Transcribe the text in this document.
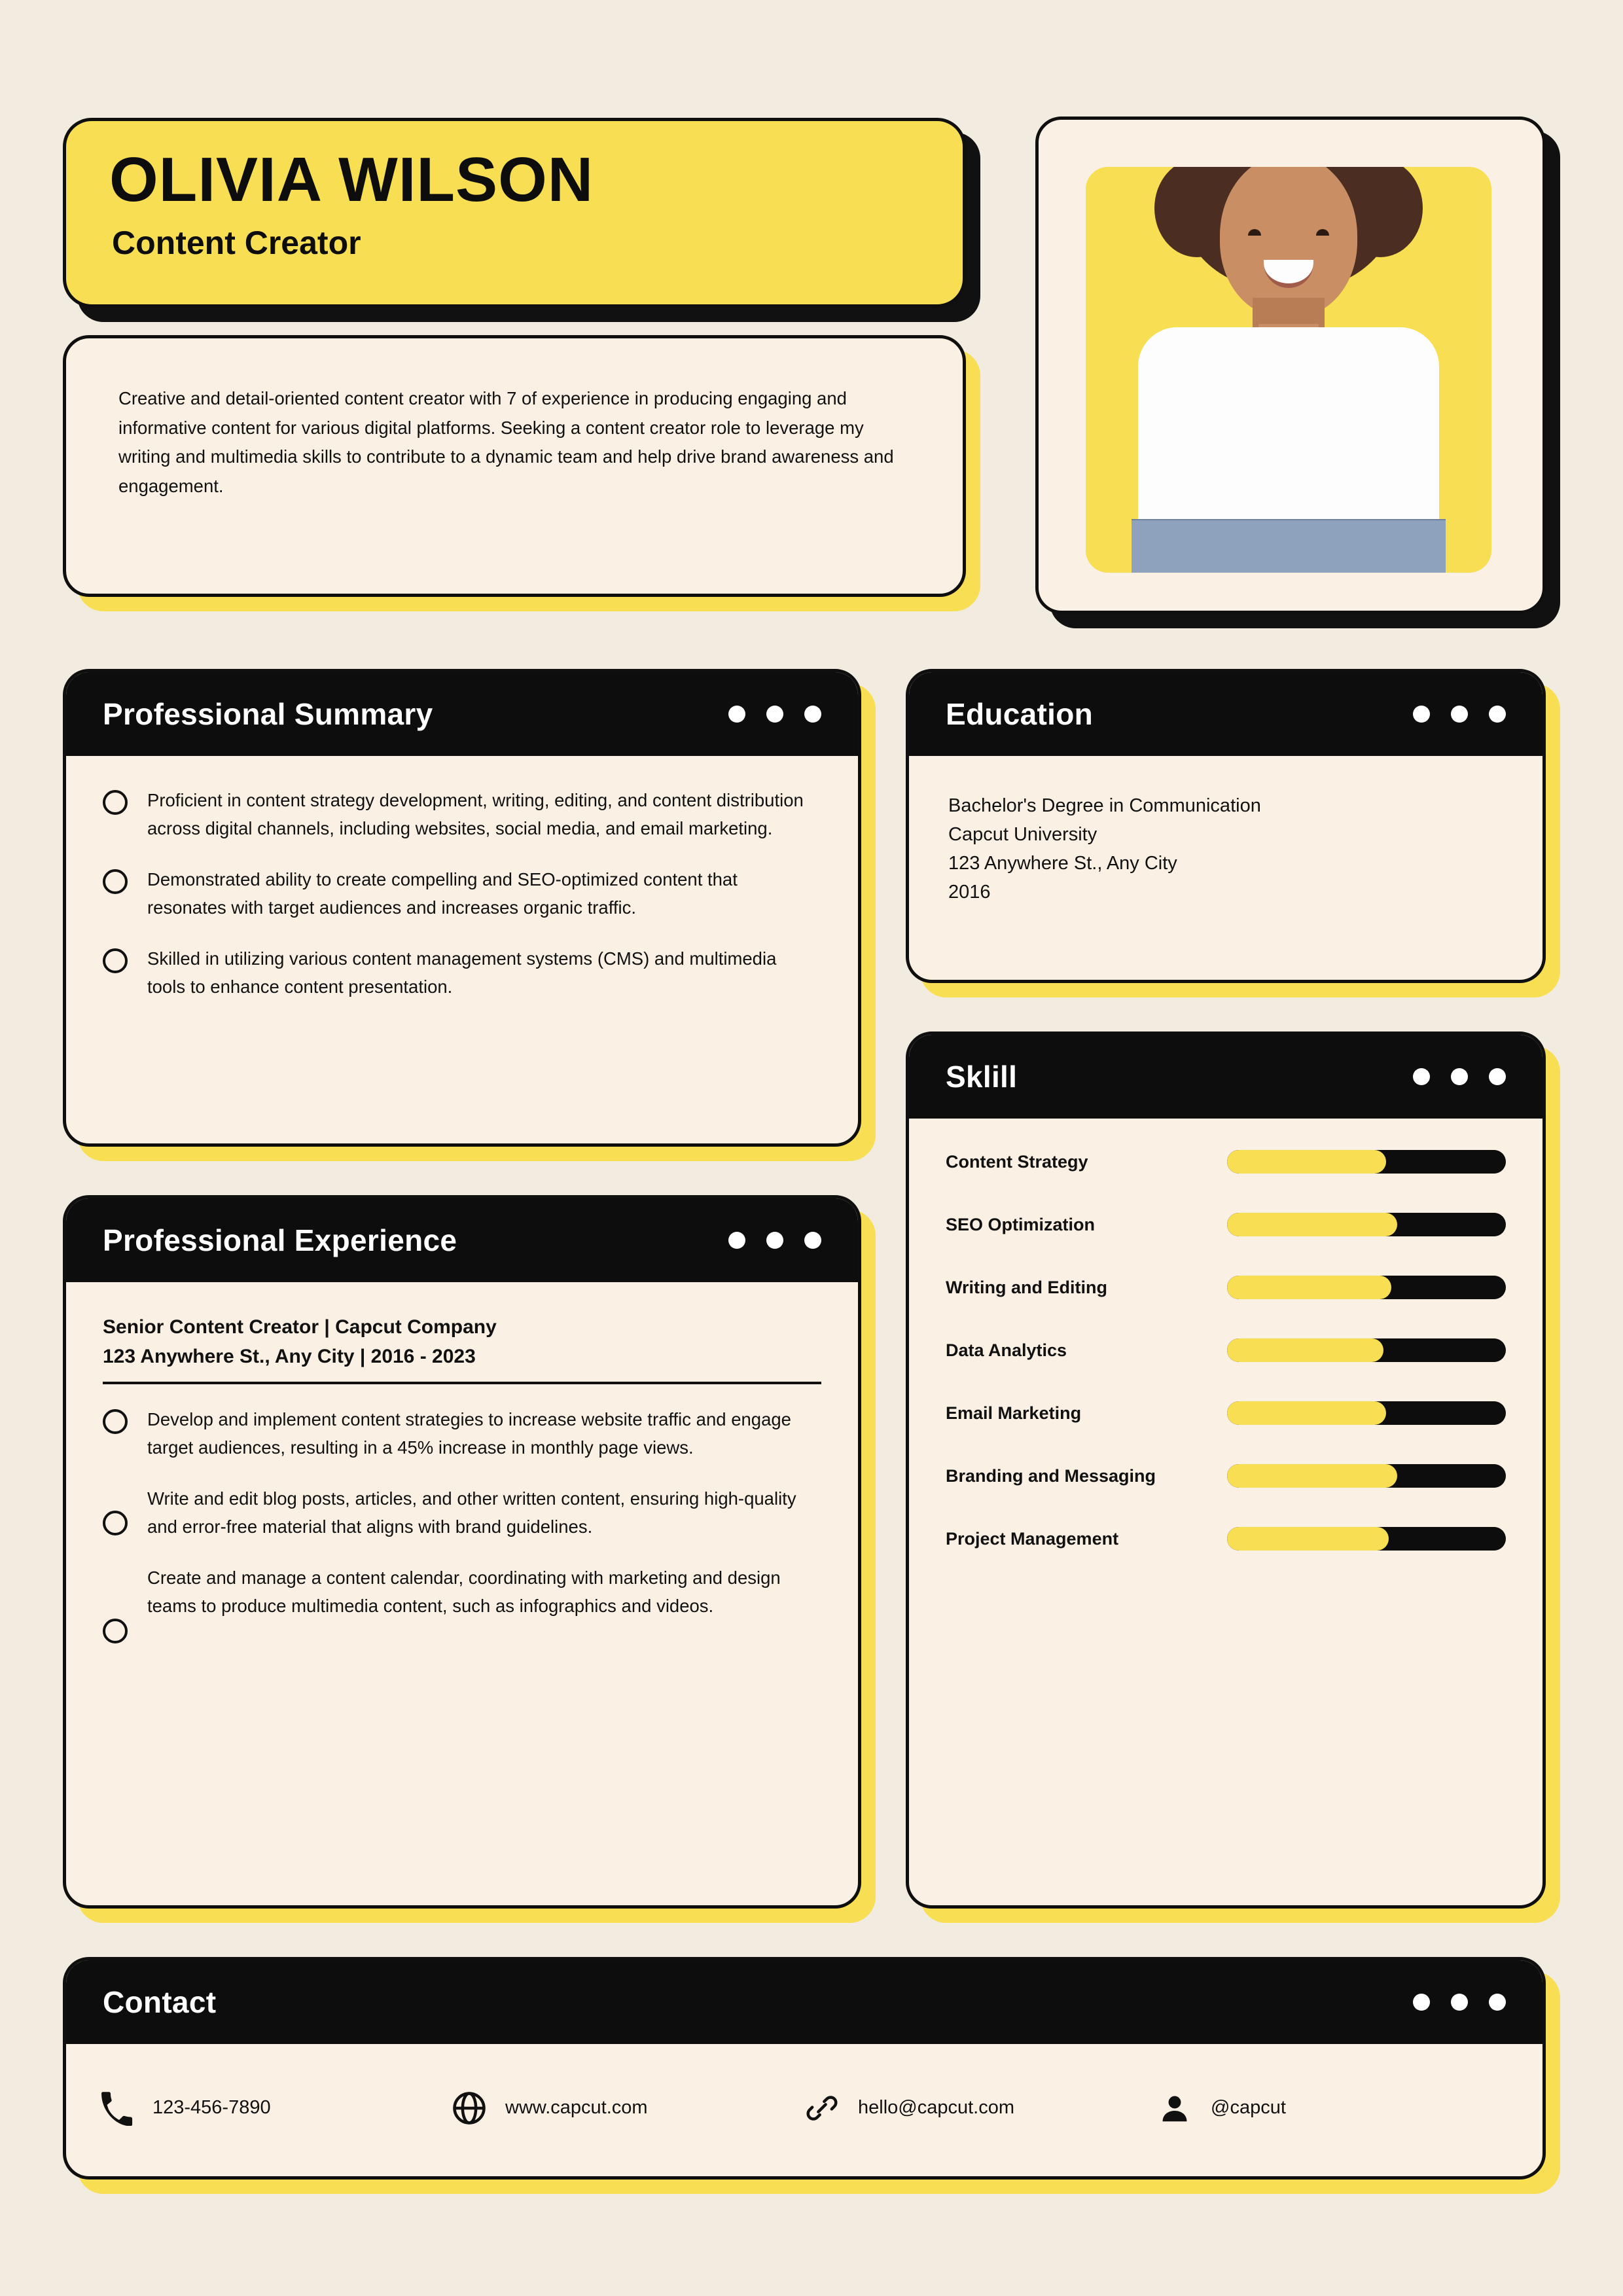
OLIVIA WILSON
Content Creator

Creative and detail-oriented content creator with 7 of experience in producing engaging and informative content for various digital platforms. Seeking a content creator role to leverage my writing and multimedia skills to contribute to a dynamic team and help drive brand awareness and engagement.

Professional Summary
Proficient in content strategy development, writing, editing, and content distribution across digital channels, including websites, social media, and email marketing.
Demonstrated ability to create compelling and SEO-optimized content that resonates with target audiences and increases organic traffic.
Skilled in utilizing various content management systems (CMS) and multimedia tools to enhance content presentation.
Professional Experience
Senior Content Creator | Capcut Company
123 Anywhere St., Any City | 2016 - 2023
Develop and implement content strategies to increase website traffic and engage target audiences, resulting in a 45% increase in monthly page views.
Write and edit blog posts, articles, and other written content, ensuring high-quality and error-free material that aligns with brand guidelines.
Create and manage a content calendar, coordinating with marketing and design teams to produce multimedia content, such as infographics and videos.
Education
Bachelor's Degree in Communication
Capcut University
123 Anywhere St., Any City
2016
Sklill
Content Strategy
SEO Optimization
Writing and Editing
Data Analytics
Email Marketing
Branding and Messaging
Project Management
Contact
123-456-7890	www.capcut.com	hello@capcut.com	@capcut
